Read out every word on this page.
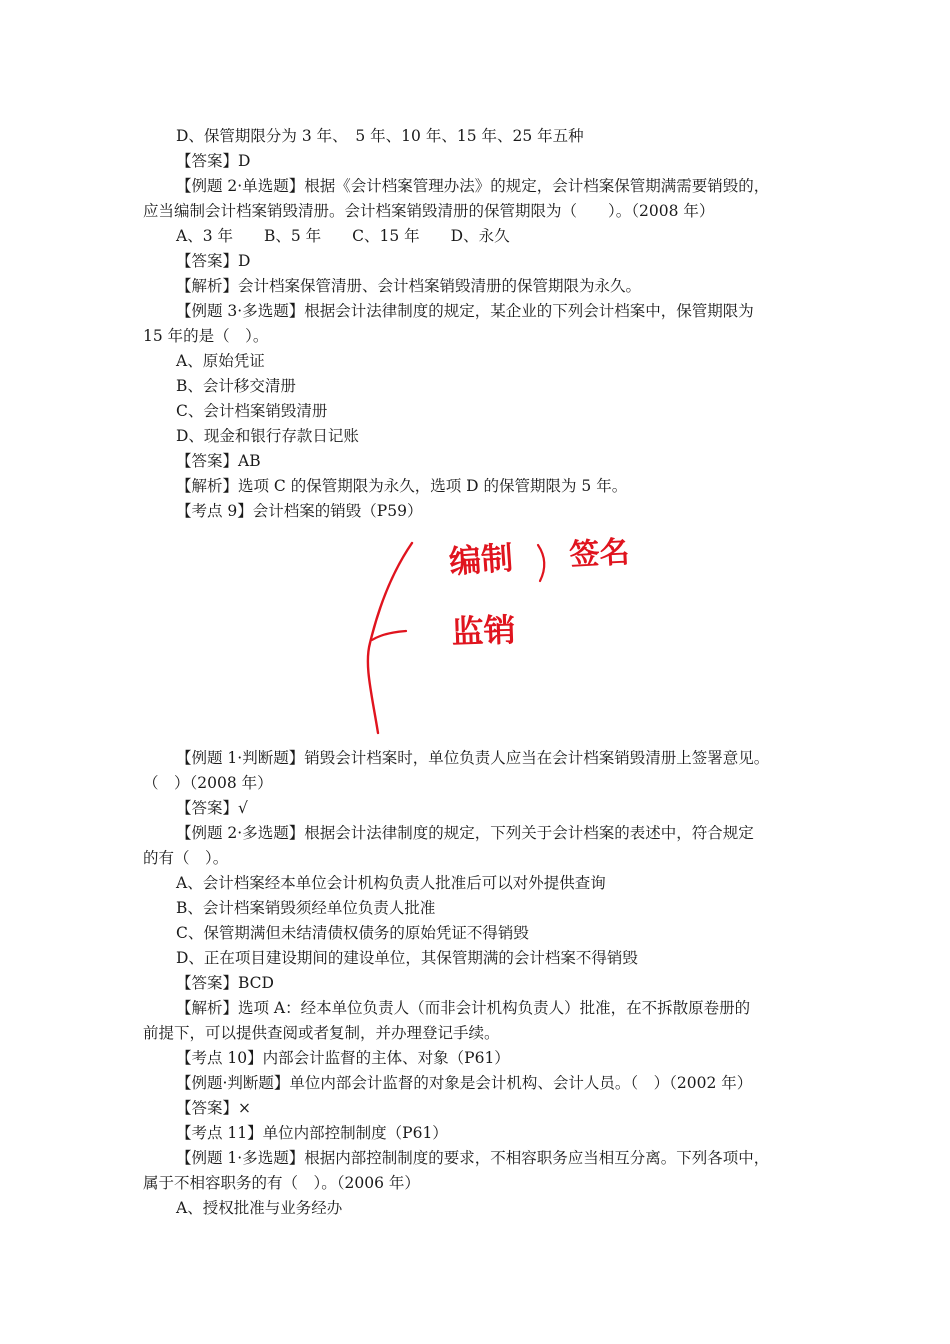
D、保管期限分为 3 年、　5 年、10 年、15 年、25 年五种
【答案】D
【例题 2·单选题】根据《会计档案管理办法》的规定，会计档案保管期满需要销毁的，
应当编制会计档案销毁清册。会计档案销毁清册的保管期限为（　　）。（2008 年）
A、3 年　　B、5 年　　C、15 年　　D、永久
【答案】D
【解析】会计档案保管清册、会计档案销毁清册的保管期限为永久。
【例题 3·多选题】根据会计法律制度的规定，某企业的下列会计档案中，保管期限为
15 年的是（　）。
A、原始凭证
B、会计移交清册
C、会计档案销毁清册
D、现金和银行存款日记账
【答案】AB
【解析】选项 C 的保管期限为永久，选项 D 的保管期限为 5 年。
【考点 9】会计档案的销毁（P59）
编制 签名
监销
【例题 1·判断题】销毁会计档案时，单位负责人应当在会计档案销毁清册上签署意见。
（　）（2008 年）
【答案】√
【例题 2·多选题】根据会计法律制度的规定，下列关于会计档案的表述中，符合规定
的有（　）。
A、会计档案经本单位会计机构负责人批准后可以对外提供查询
B、会计档案销毁须经单位负责人批准
C、保管期满但未结清债权债务的原始凭证不得销毁
D、正在项目建设期间的建设单位，其保管期满的会计档案不得销毁
【答案】BCD
【解析】选项 A：经本单位负责人（而非会计机构负责人）批准，在不拆散原卷册的
前提下，可以提供查阅或者复制，并办理登记手续。
【考点 10】内部会计监督的主体、对象（P61）
【例题·判断题】单位内部会计监督的对象是会计机构、会计人员。（　）（2002 年）
【答案】×
【考点 11】单位内部控制制度（P61）
【例题 1·多选题】根据内部控制制度的要求，不相容职务应当相互分离。下列各项中，
属于不相容职务的有（　）。（2006 年）
A、授权批准与业务经办
